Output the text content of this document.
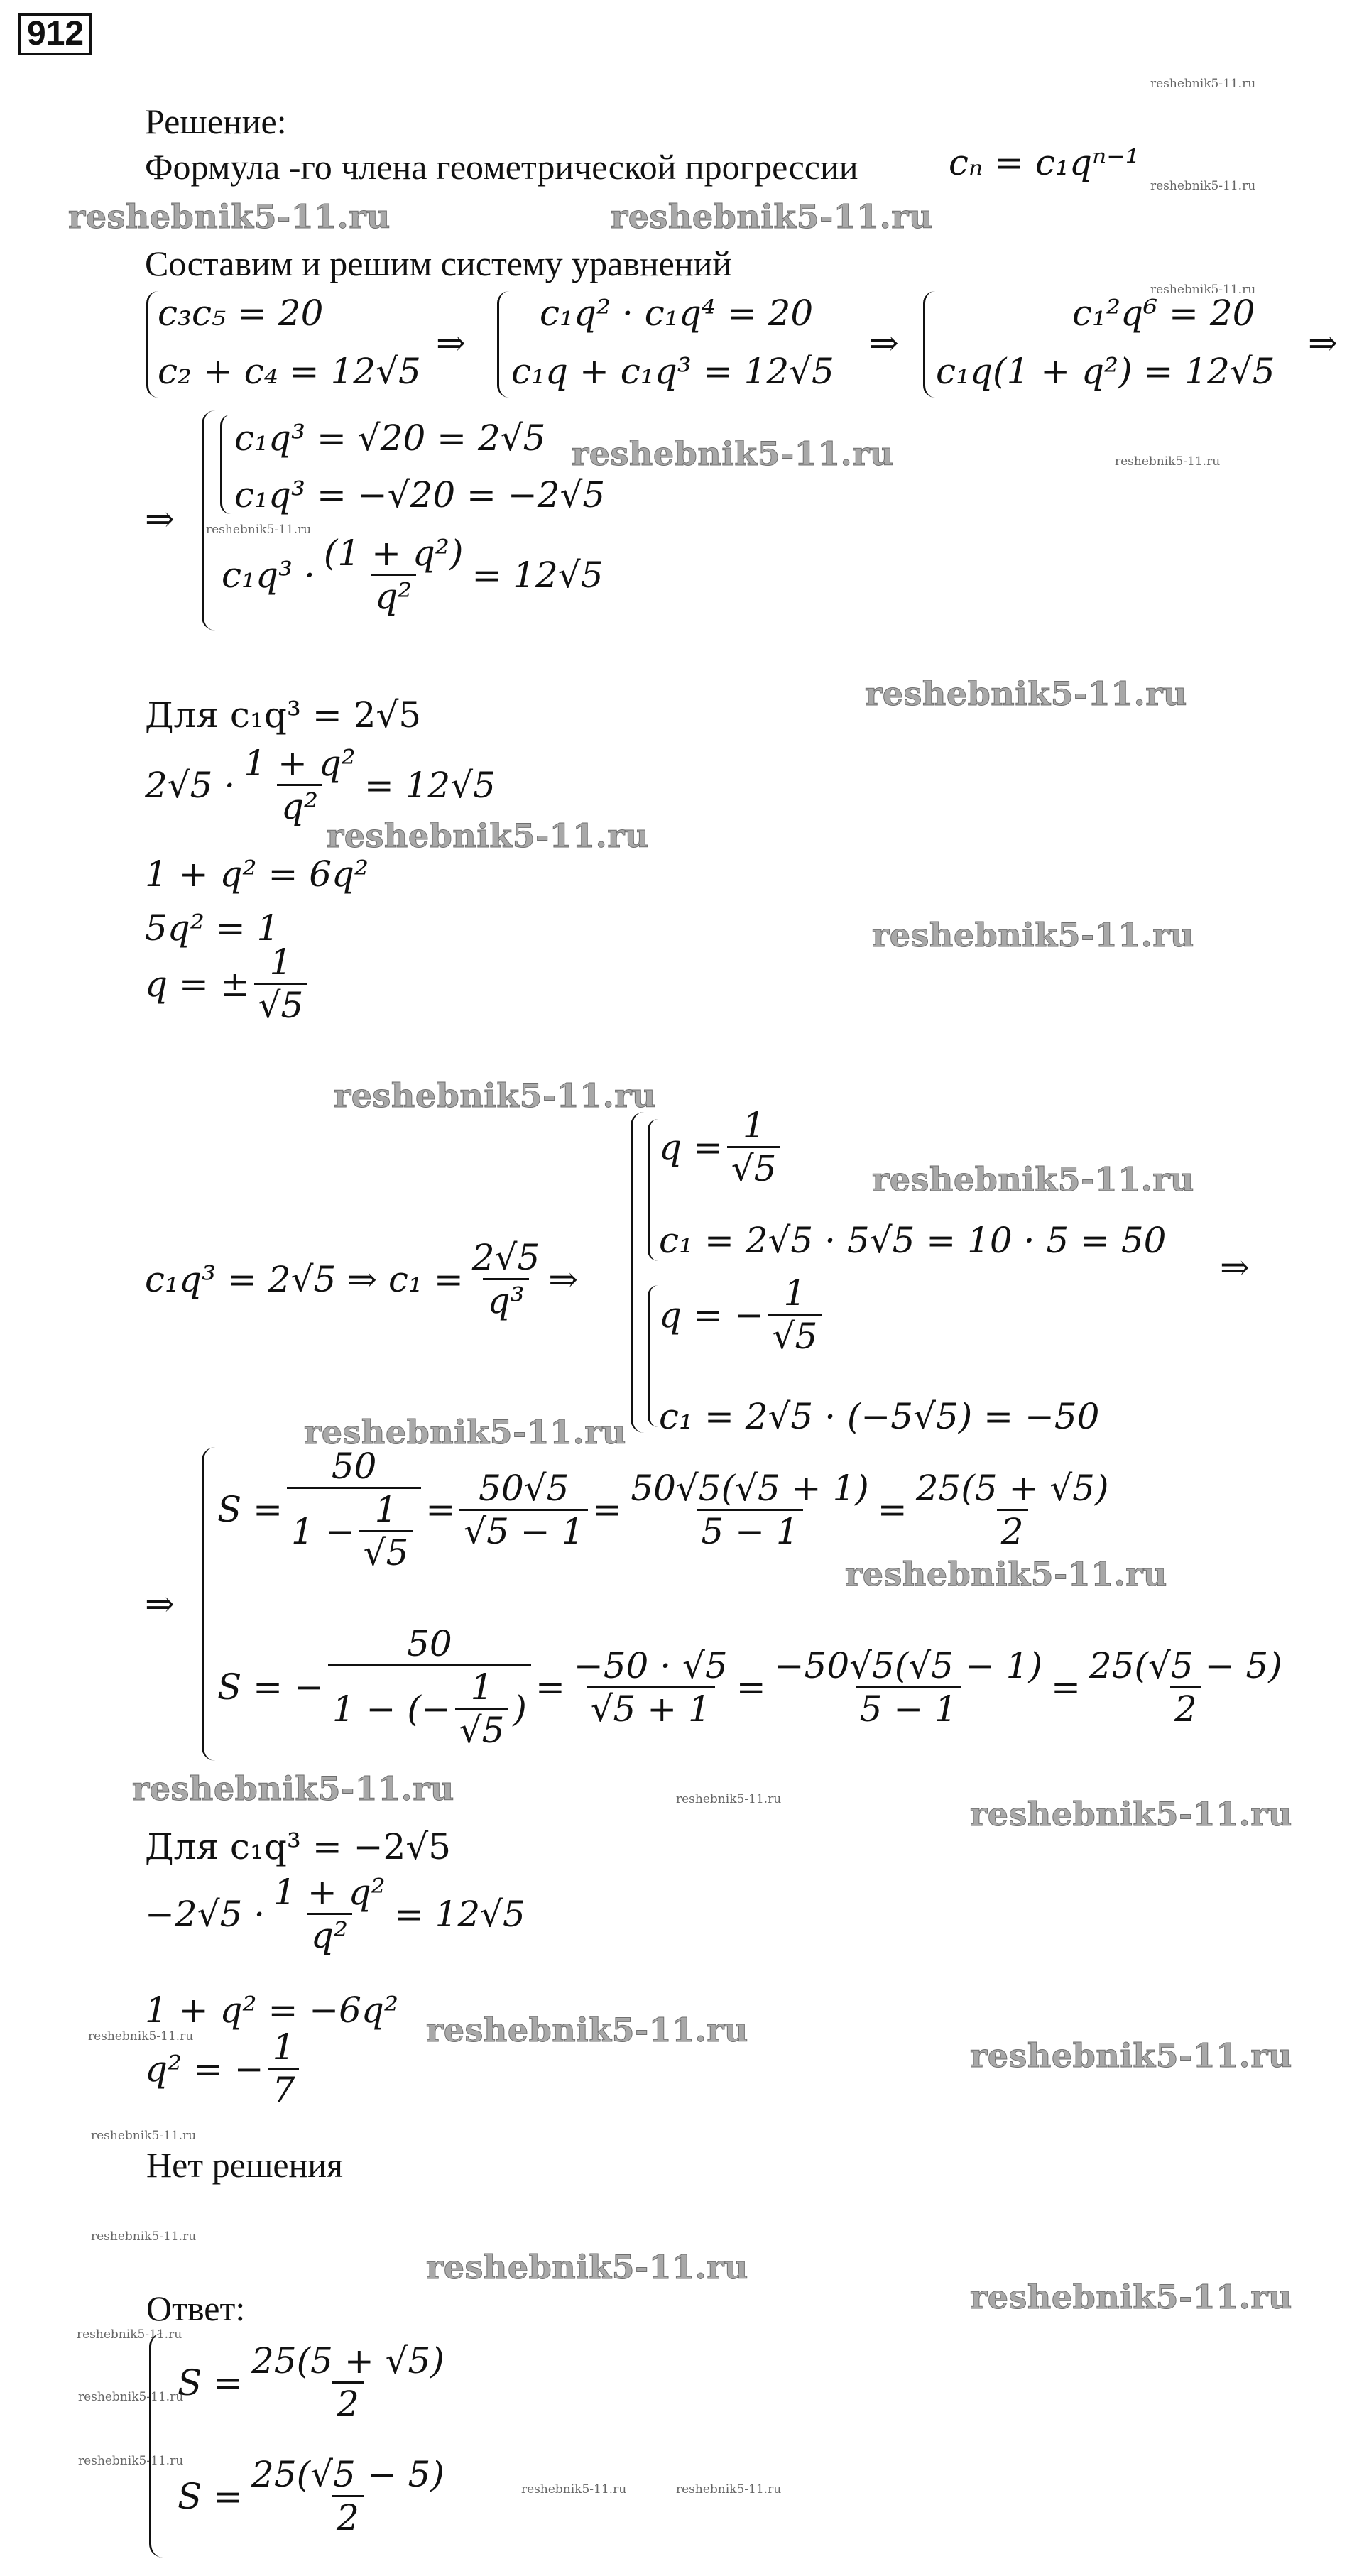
912
reshebnik5-11.ru
reshebnik5-11.ru	reshebnik5-11.ru
reshebnik5-11.ru
reshebnik5-11.ru
reshebnik5-11.ru	reshebnik5-11.ru
reshebnik5-11.ru
reshebnik5-11.ru
reshebnik5-11.ru
reshebnik5-11.ru
reshebnik5-11.ru
reshebnik5-11.ru
reshebnik5-11.ru
reshebnik5-11.ru
reshebnik5-11.ru	reshebnik5-11.ru	reshebnik5-11.ru
reshebnik5-11.ru	reshebnik5-11.ru
reshebnik5-11.ru
reshebnik5-11.ru
reshebnik5-11.ru
reshebnik5-11.ru
reshebnik5-11.ru
reshebnik5-11.ru
reshebnik5-11.ru
reshebnik5-11.ru
reshebnik5-11.ru	reshebnik5-11.ru
Решение:
Формула -го члена геометрической прогрессии	cₙ = c₁qⁿ⁻¹
Составим и решим систему уравнений
c₃c₅ = 20
c₂ + c₄ = 12√5
⇒
c₁q² · c₁q⁴ = 20
c₁q + c₁q³ = 12√5
⇒
c₁²q⁶ = 20
c₁q(1 + q²) = 12√5
⇒
⇒
c₁q³ = √20 = 2√5
c₁q³ = −√20 = −2√5
$c_1q^3 \cdot \frac{\text{(1 + q²)}}{\text{q²}} = 12√5$
Для c₁q³ = 2√5
$2√5 \cdot \frac{\text{1 + q²}}{\text{q²}} = 12√5$
1 + q² = 6q²
5q² = 1
q = ± $\frac{1}{√5}$
c₁q³ = 2√5 ⇒ $c_1 = \frac{2√5}{\text{q³}}$ ⇒
$q = \frac{1}{√5}$
c₁ = 2√5 · 5√5 = 10 · 5 = 50
⇒
q = − $\frac{1}{√5}$
c₁ = 2√5 · (−5√5) = −50
⇒
$S = \frac{50}{1 - \frac{1}{√5}} = \frac{50√5}{√5 - 1} = \frac{50√5(√5 + 1)}{5 - 1} = \frac{25(5 + √5)}{2}$
S = − $\frac{50}{1 - (- \frac{1}{√5} )} = \frac{-50 \cdot √5}{√5 + 1} = \frac{-50√5(√5 - 1)}{5 - 1} = \frac{25(√5 - 5)}{2}$
Для c₁q³ = −2√5
$-2√5 \cdot \frac{\text{1 + q²}}{\text{q²}} = 12√5$
1 + q² = −6q²
q² = − $\frac{1}{7}$
Нет решения
Ответ:
$S = \frac{25(5 + √5)}{2}$
$S = \frac{25(√5 - 5)}{2}$
